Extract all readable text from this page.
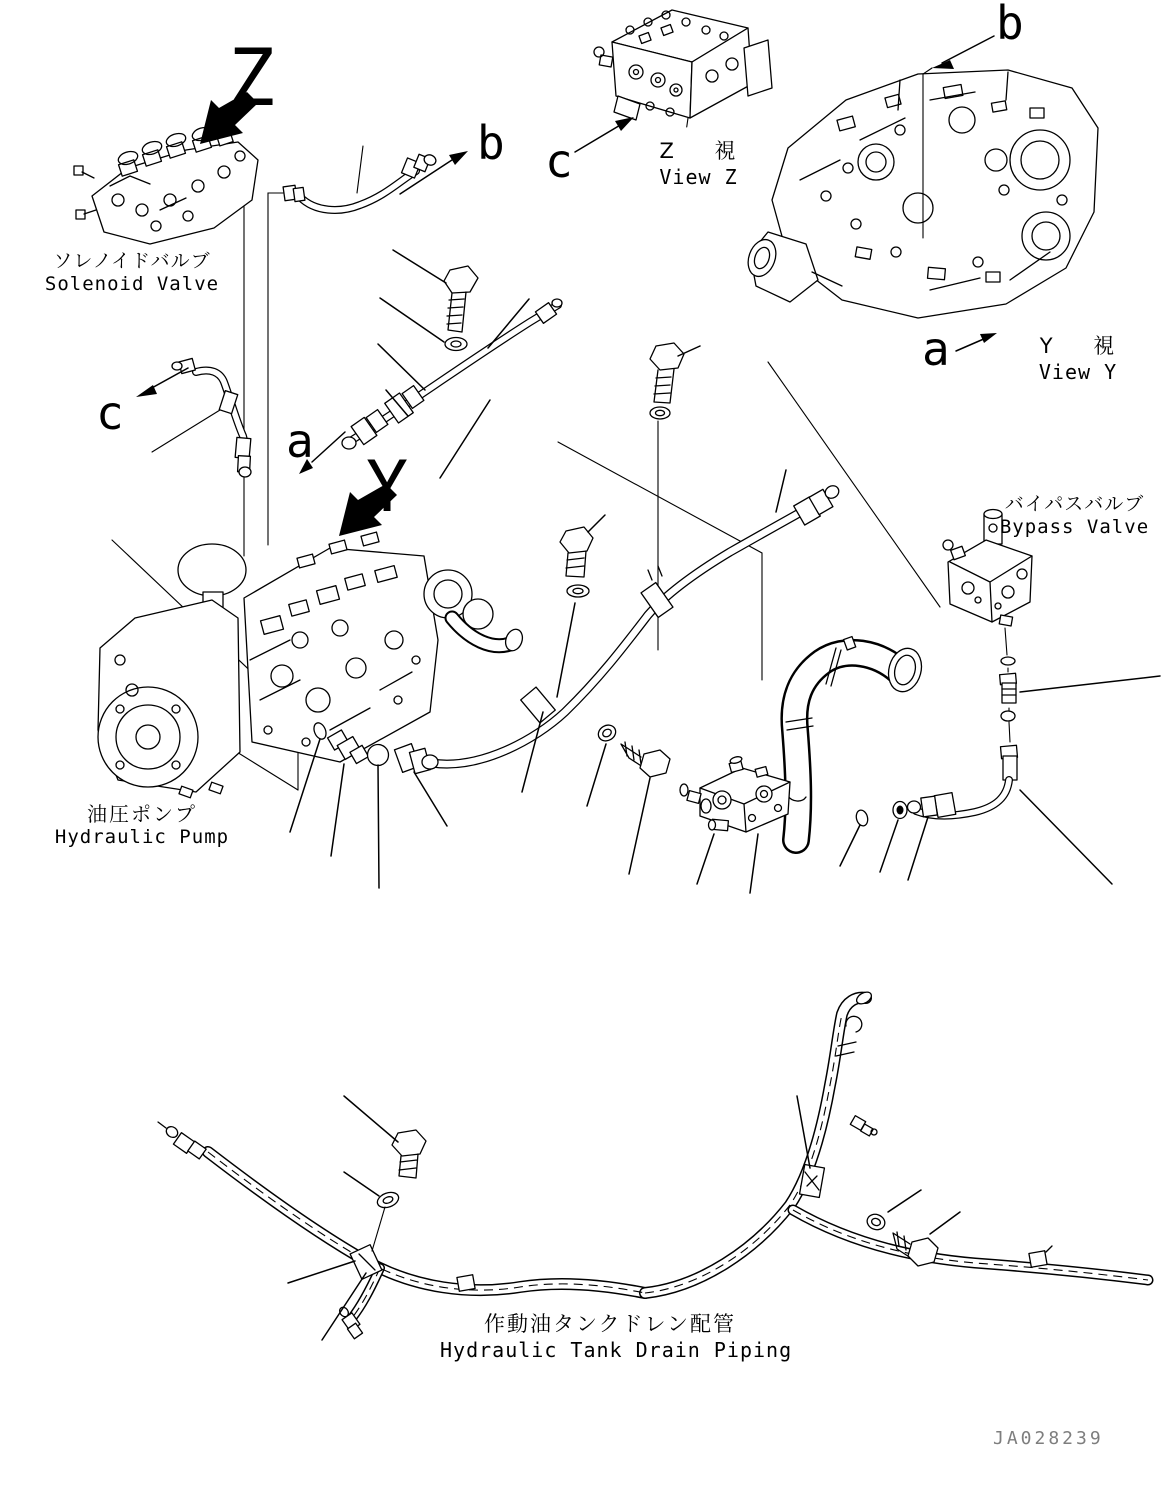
Z
Y
b c
b
a
c
a
ソレノイドバルブ
Solenoid Valve
Z 視
View Z
Y 視
View Y
バイパスバルブ
Bypass Valve
油圧ポンプ
Hydraulic Pump
作動油タンクドレン配管
Hydraulic Tank Drain Piping
JA028239
